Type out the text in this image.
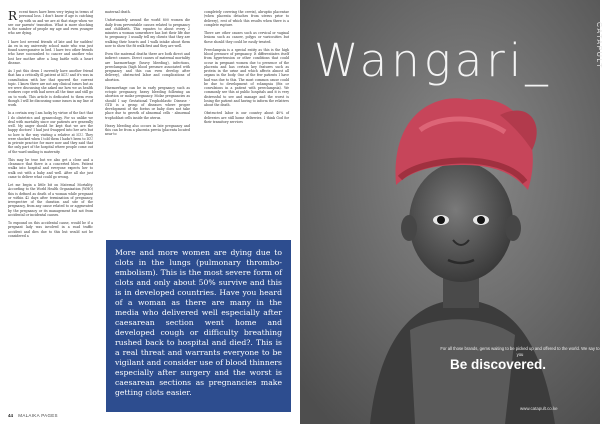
Recent times have been very trying in terms of personal loss. I don't know if age is catching up with us and we are at that stage when we see our parents' transition. What is more shocking is the number of people my age and even younger who are dying.

I have lost several friends of late and for sudden! An ex in my university school mate who was just found unresponsive in bed. I have two other friends who have succumbed to cancer and another who lost her mother after a long battle with a heart disease.

As I put this down I currently have another friend that has a critically ill patient at KCU and it's was in consultation with her that spurred the current topic. I know there are not any clinical issues but as we were discussing she asked me how we as health workers cope with bad news all the time and still go on to work. This article is dedicated to them even though I will be discussing some issues in my line of work.

In a certain way I am lucky by virtue of the fact that I do obstetrics and gynaecology. For us unlike we deal with mortality since our patients are generally well. My anger should be kept that we are the happy doctors! I had just Swapped into her arts but so how is the way visiting a relative at ICU. They were shocked when I told them I hadn't been to ICU in private practice for more now and they said that the only part of the hospital where people come out of the ward smiling is maternity.

This may be true but we also get a close and a clearance that there is a concerted blow. Patient walks into hospital and everyone expects her to walk out with a baby and well. After all she just came to deliver what could go wrong.

Let me begin a little bit on Maternal Mortality. According to the World Health Organization (WHO) this is defined as death of a woman while pregnant or within 42 days after termination of pregnancy, irrespective of the duration and site of the pregnancy, from any cause related to or aggravated by the pregnancy or its management but not from accidental or incidental causes.

To expound on this accidental cause, would be if a pregnant lady was involved in a road traffic accident and dies due to this but would not be considered a

maternal death.

Unfortunately around the world 800 women die daily from preventable causes related to pregnancy and childbirth. This equates to about every 2 minutes a woman somewhere has lost their life due to pregnancy. I usually tell my clients that they are walking their hearts and I walk intake about them now to show the fit walk first and they are well.

Even the maternal deaths there are both direct and indirect causes. Direct causes of maternal mortality are haemorrhage (heavy bleeding), infections, preeclampsia (high blood pressure associated with pregnancy and this can even develop after delivery), obstructed labor and complications of abortion.

Haemorrhage can be in early pregnancy such as ectopic pregnancy, heavy bleeding following an abortion or molar pregnancy. Molar pregnancies as should I say Gestational Trophoblastic Disease - GTD is a group of diseases where proper development of the foetus or baby does not take place due to growth of abnormal cells - abnormal trophoblast cells inside the uterus.

Heavy bleeding also occurs in late pregnancy and this can be from a placenta previa (placenta located near to

completely covering the cervix), abruptio placentae (when placenta detaches from uterus prior to delivery), rest of which this results when there is a complete rupture.

There are other causes such as cervical or vaginal lesions such as cancer, polyps or varicosities but these should they could be easily treated.

Preeclampsia is a special entity as this is the high blood pressure of pregnancy. It differentiates itself from hypertension or other conditions that could occur in pregnant women due to presence of the placenta and has certain key features such as protein in the urine and which affects almost all organs in the body. One of the few patients I have had was due to this. The most common cause could be due to development of eclampsia (fits or convulsions in a patient with preeclampsia). We commonly see this at public hospitals and it is very distressful to see and manage and the worst is losing the patient and having to inform the relatives about the death.

Obstructed labor is our country about 40% of deliveries are still home deliveries. I think God for their transitory services

More and more women are dying due to clots in the lungs (pulmonary thrombo-embolism). This is the most severe form of clots and only about 50% survive and this is in developed countries. Have you heard of a woman as there are many in the media who delivered well especially after caesarean section went home and developed cough or difficulty breathing rushed back to hospital and died?. This is a real threat and warrants everyone to be vigilant and consider use of blood thinners especially after surgery and the worst is caesarean sections as pregnancies make getting clots easier.
44 MALAIKA PAGES
CATAPULT
Wangari_
For all those brands, gems waiting to be picked up and offered to the world. We say to you
Be discovered.
www.catapult.co.ke
